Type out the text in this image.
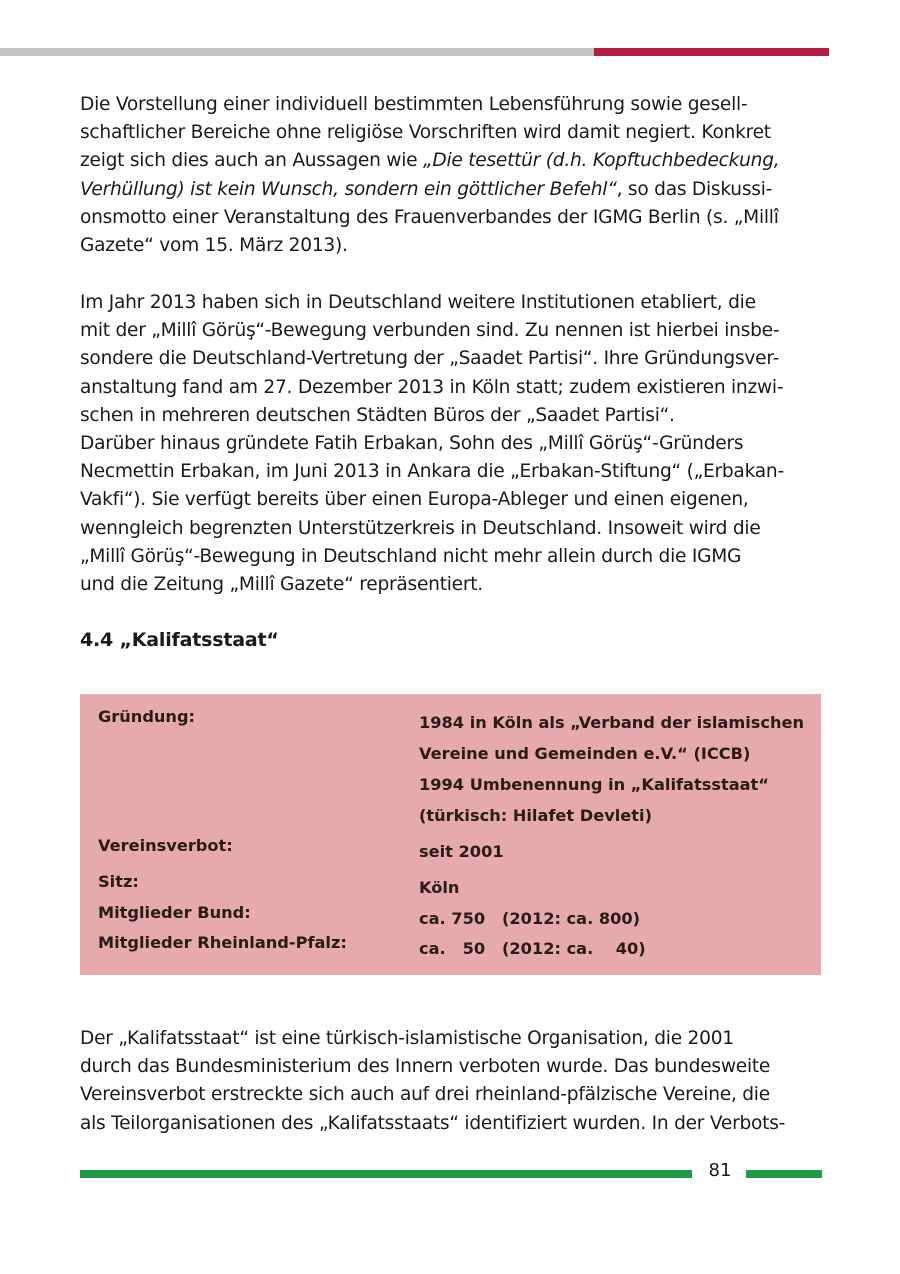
Die Vorstellung einer individuell bestimmten Lebensführung sowie gesell-
schaftlicher Bereiche ohne religiöse Vorschriften wird damit negiert. Konkret
zeigt sich dies auch an Aussagen wie „Die tesettür (d.h. Kopftuchbedeckung,
Verhüllung) ist kein Wunsch, sondern ein göttlicher Befehl“, so das Diskussi-
onsmotto einer Veranstaltung des Frauenverbandes der IGMG Berlin (s. „Millî
Gazete“ vom 15. März 2013).

Im Jahr 2013 haben sich in Deutschland weitere Institutionen etabliert, die
mit der „Millî Görüş“-Bewegung verbunden sind. Zu nennen ist hierbei insbe-
sondere die Deutschland-Vertretung der „Saadet Partisi“. Ihre Gründungsver-
anstaltung fand am 27. Dezember 2013 in Köln statt; zudem existieren inzwi-
schen in mehreren deutschen Städten Büros der „Saadet Partisi“.
Darüber hinaus gründete Fatih Erbakan, Sohn des „Millî Görüş“-Gründers
Necmettin Erbakan, im Juni 2013 in Ankara die „Erbakan-Stiftung“ („Erbakan-
Vakfi“). Sie verfügt bereits über einen Europa-Ableger und einen eigenen,
wenngleich begrenzten Unterstützerkreis in Deutschland. Insoweit wird die
„Millî Görüş“-Bewegung in Deutschland nicht mehr allein durch die IGMG
und die Zeitung „Millî Gazete“ repräsentiert.

4.4 „Kalifatsstaat“
Gründung:	1984 in Köln als „Verband der islamischen
Vereine und Gemeinden e.V.“ (ICCB)
1994 Umbenennung in „Kalifatsstaat“
(türkisch: Hilafet Devleti)
Vereinsverbot:	seit 2001
Sitz:	Köln
Mitglieder Bund:	ca. 750   (2012: ca. 800)
Mitglieder Rheinland-Pfalz:	ca.   50   (2012: ca.    40)

Der „Kalifatsstaat“ ist eine türkisch-islamistische Organisation, die 2001
durch das Bundesministerium des Innern verboten wurde. Das bundesweite
Vereinsverbot erstreckte sich auch auf drei rheinland-pfälzische Vereine, die
als Teilorganisationen des „Kalifatsstaats“ identifiziert wurden. In der Verbots-

81
